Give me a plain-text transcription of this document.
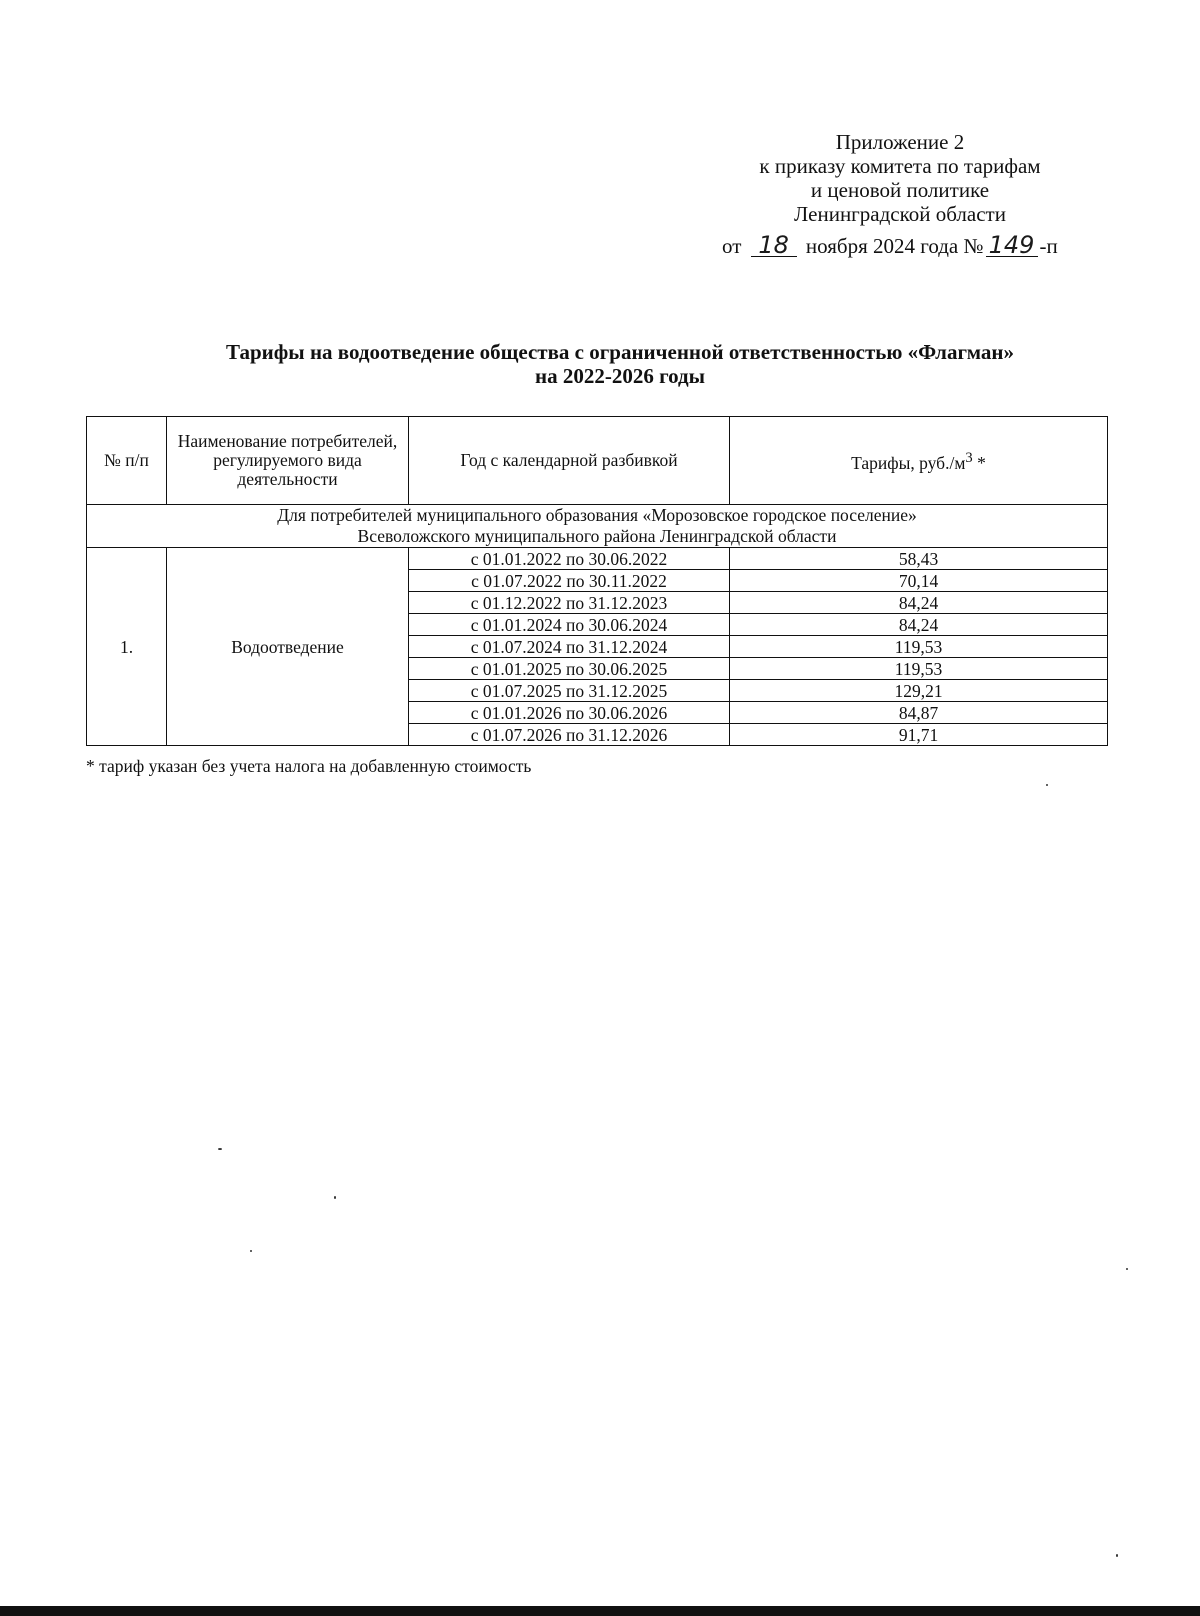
Приложение 2
к приказу комитета по тарифам
и ценовой политике
Ленинградской области
от 18 ноября 2024 года № 149 -п
Тарифы на водоотведение общества с ограниченной ответственностью «Флагман»
на 2022-2026 годы
№ п/п	Наименование потребителей, регулируемого вида деятельности	Год с календарной разбивкой	Тарифы, $руб./м^3$ *

Для потребителей муниципального образования «Морозовское городское поселение»
Всеволожского муниципального района Ленинградской области			

1.	Водоотведение	с 01.01.2022 по 30.06.2022	58,43
		с 01.07.2022 по 30.11.2022	70,14
		с 01.12.2022 по 31.12.2023	84,24
		с 01.01.2024 по 30.06.2024	84,24
		с 01.07.2024 по 31.12.2024	119,53
		с 01.01.2025 по 30.06.2025	119,53
		с 01.07.2025 по 31.12.2025	129,21
		с 01.01.2026 по 30.06.2026	84,87
		с 01.07.2026 по 31.12.2026	91,71
* тариф указан без учета налога на добавленную стоимость
